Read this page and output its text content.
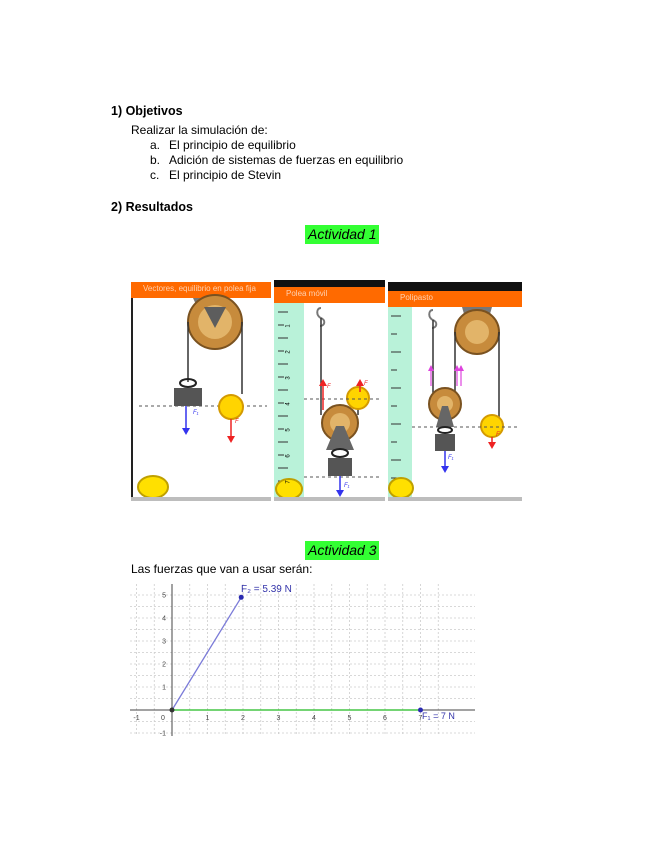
1) Objetivos
Realizar la simulación de:
a. El principio de equilibrio
b. Adición de sistemas de fuerzas en equilibrio
c. El principio de Stevin
2) Resultados
Actividad 1
Vectores, equilibrio en polea fija
F₁
F
Polea móvil
1
2
3
4
5
6
7
F	F
F₁
Polipasto
F₁
F
Actividad 3
Las fuerzas que van a usar serán:
-1	0	1	2	3	4	5	6	7
-1
1
2
3
4
5
F₂ = 5.39 N
F₁ = 7 N
